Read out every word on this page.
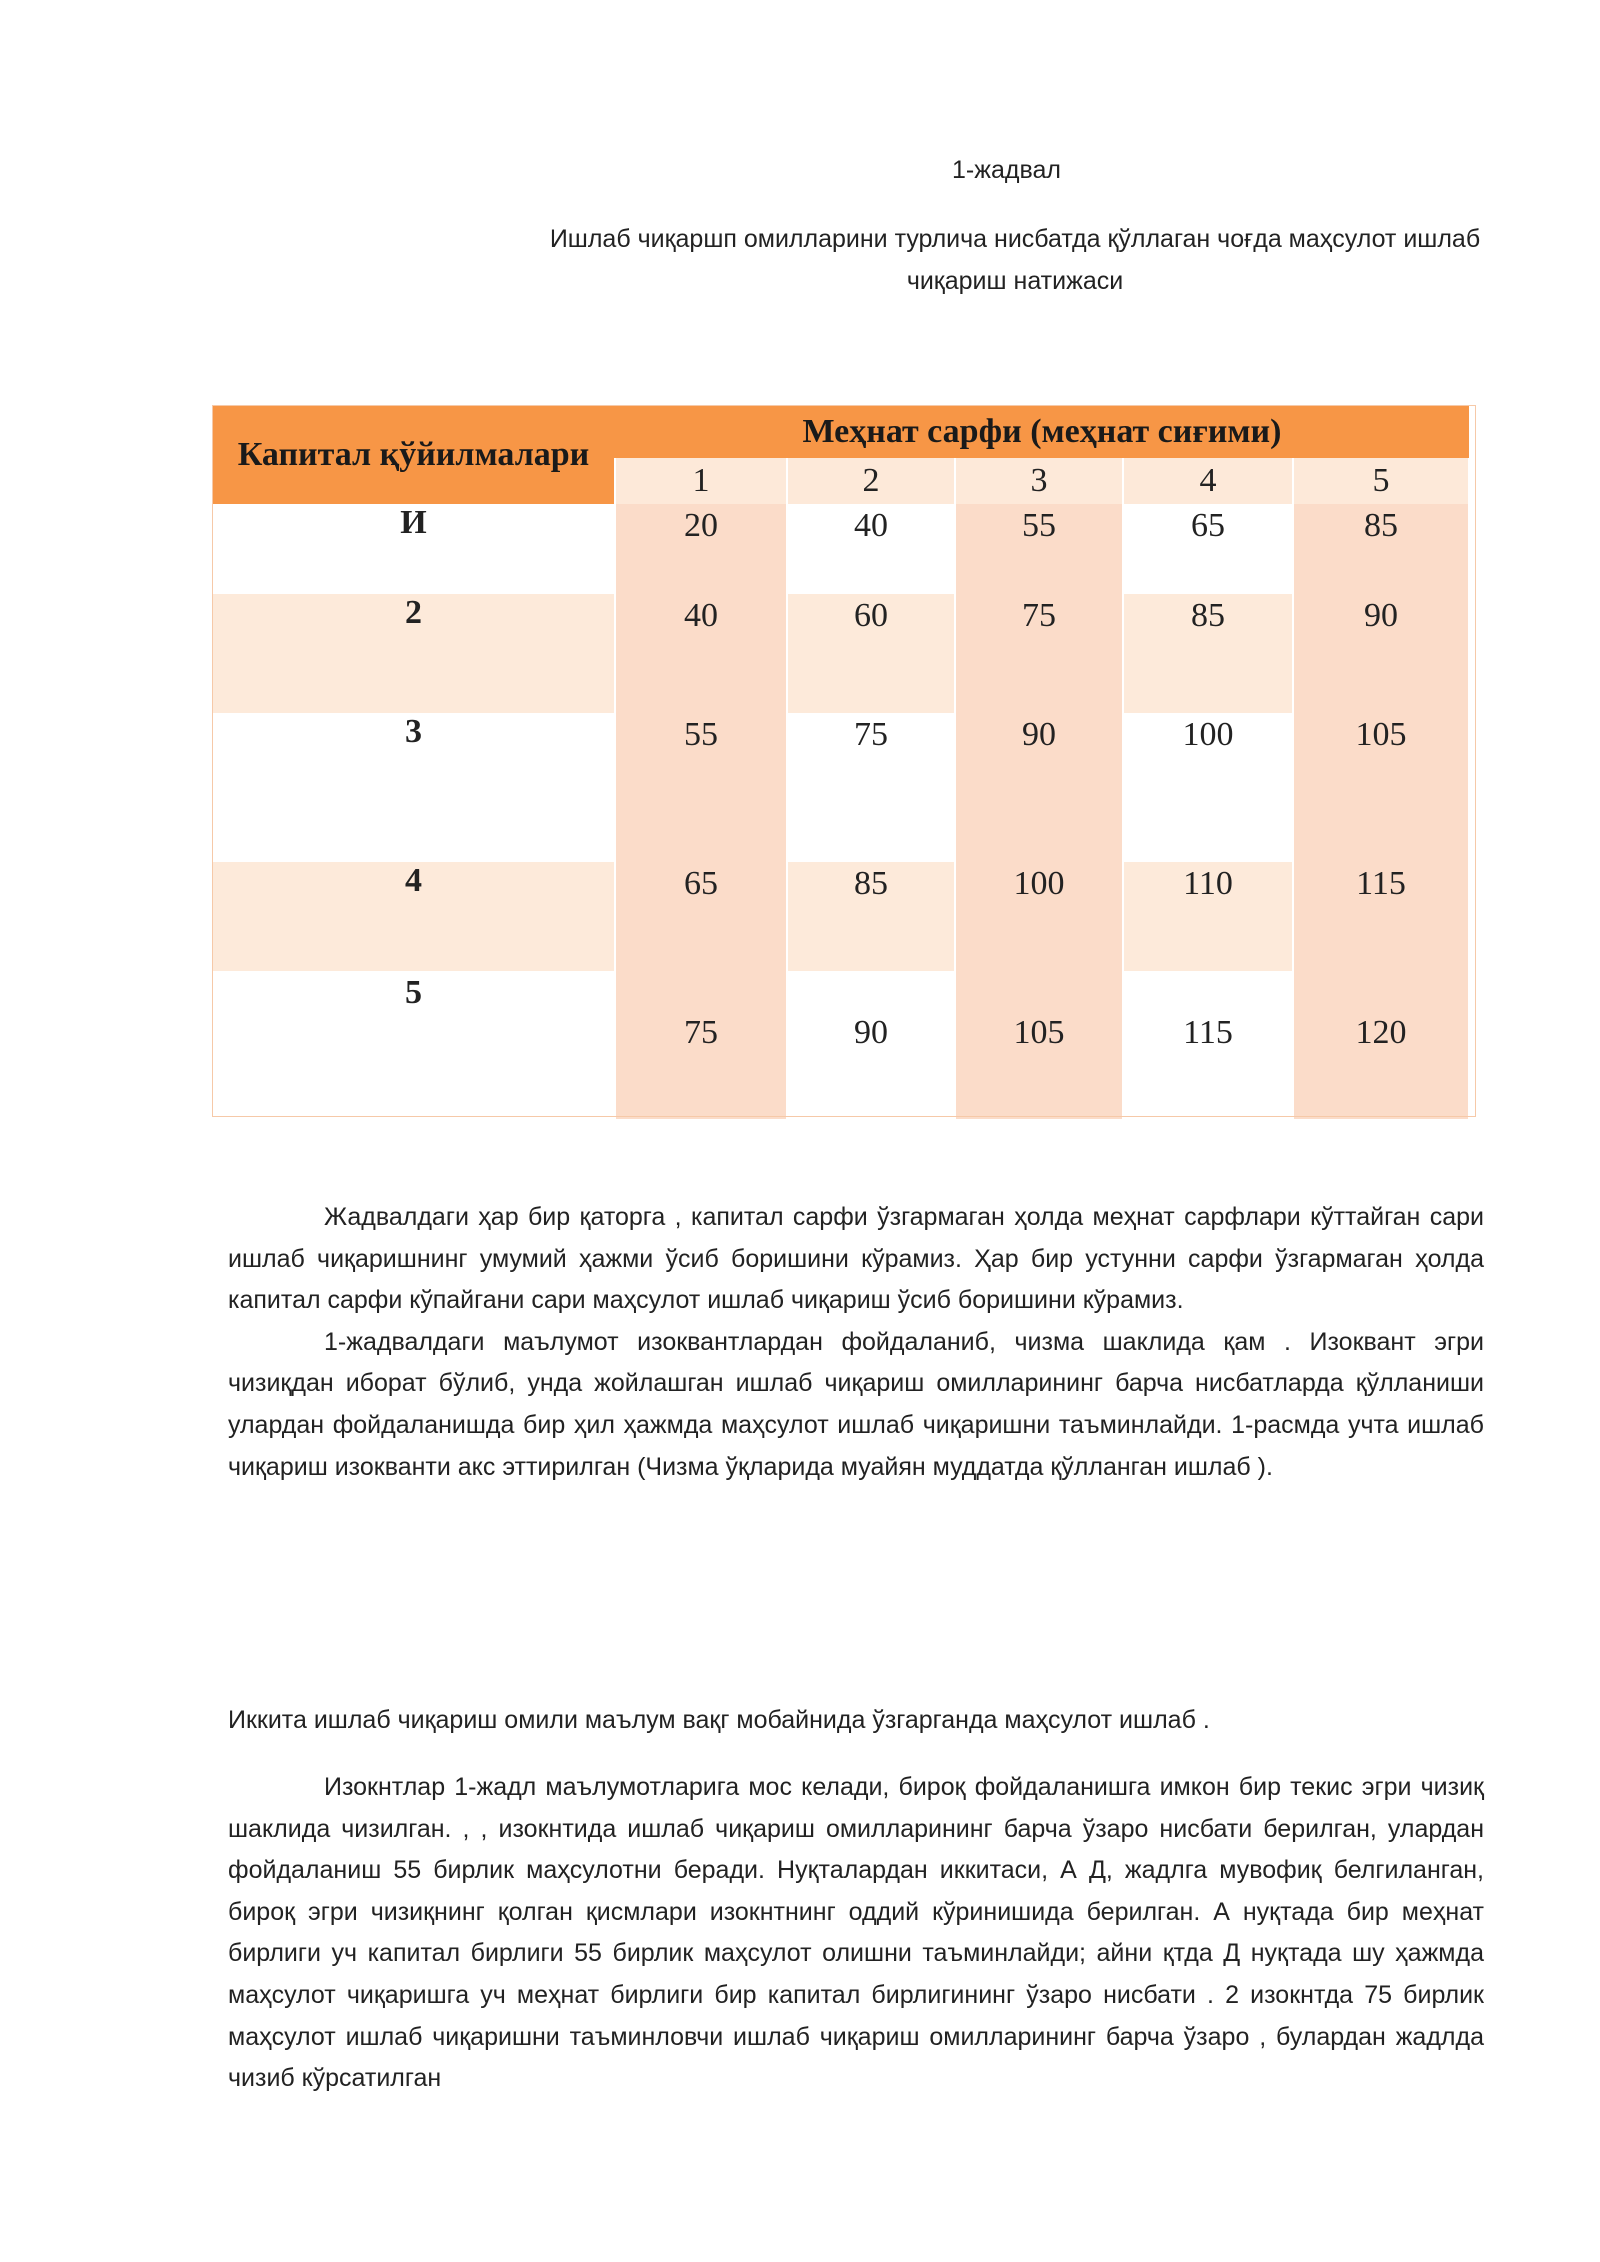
1-жадвал
Ишлаб чиқаршп омилларини турлича нисбатда қўллаган чоғда маҳсулот ишлаб чиқариш натижаси
Капитал қўйилмалари	Меҳнат сарфи (меҳнат сиғими)				
	1	2	3	4	5
И	20	40	55	65	85
2	40	60	75	85	90
3	55	75	90	100	105
4	65	85	100	110	115
5	75	90	105	115	120

Жадвалдаги ҳар бир қаторга , капитал сарфи ўзгармаган ҳолда меҳнат сарфлари кўттайган сари ишлаб чиқаришнинг умумий ҳажми ўсиб боришини кўрамиз. Ҳар бир устунни сарфи ўзгармаган ҳолда капитал сарфи кўпайгани сари маҳсулот ишлаб чиқариш ўсиб боришини кўрамиз.

1-жадвалдаги маълумот изоквантлардан фойдаланиб, чизма шаклида қам . Изоквант эгри чизиқдан иборат бўлиб, унда жойлашган ишлаб чиқариш омилларининг барча нисбатларда қўлланиши улардан фойдаланишда бир ҳил ҳажмда маҳсулот ишлаб чиқаришни таъминлайди. 1-расмда учта ишлаб чиқариш изокванти акс эттирилган (Чизма ўқларида муайян муддатда қўлланган ишлаб ).

Иккита ишлаб чиқариш омили маълум вақг мобайнида ўзгарганда маҳсулот ишлаб .

Изокнтлар 1-жадл маълумотларига мос келади, бироқ фойдаланишга имкон бир текис эгри чизиқ шаклида чизилган. , , изокнтида ишлаб чиқариш омилларининг барча ўзаро нисбати берилган, улардан фойдаланиш 55 бирлик маҳсулотни беради. Нуқталардан иккитаси, А Д, жадлга мувофиқ белгиланган, бироқ эгри чизиқнинг қолган қисмлари изокнтнинг оддий кўринишида берилган. А нуқтада бир меҳнат бирлиги уч капитал бирлиги 55 бирлик маҳсулот олишни таъминлайди; айни қтда Д нуқтада шу ҳажмда маҳсулот чиқаришга уч меҳнат бирлиги бир капитал бирлигининг ўзаро нисбати . 2 изокнтда 75 бирлик маҳсулот ишлаб чиқаришни таъминловчи ишлаб чиқариш омилларининг барча ўзаро , булардан жадлда чизиб кўрсатилган
